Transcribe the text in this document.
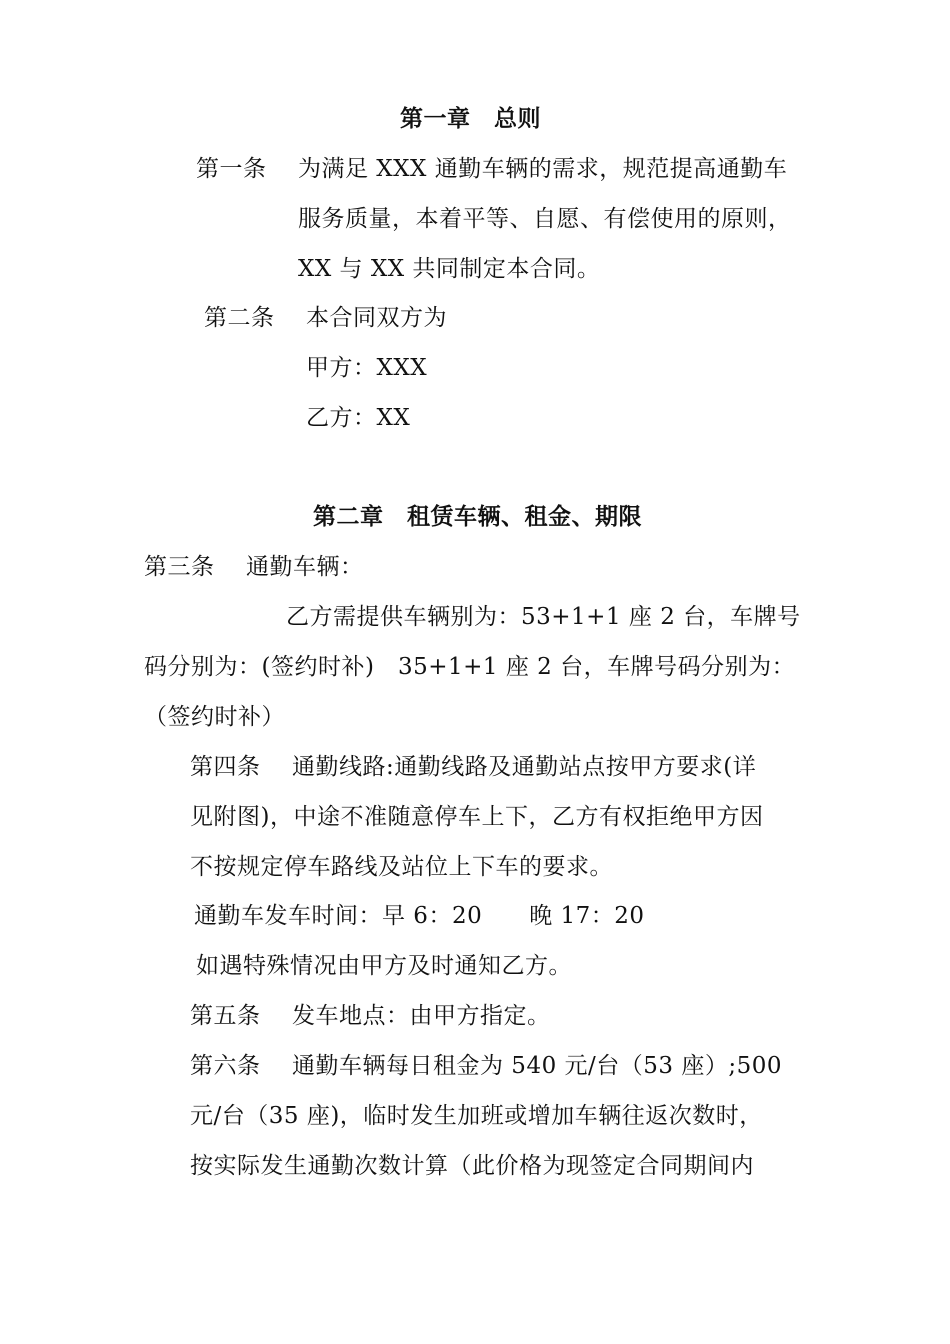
第一章　总则
第一条 为满足 XXX 通勤车辆的需求，规范提高通勤车
服务质量，本着平等、自愿、有偿使用的原则，
XX 与 XX 共同制定本合同。
第二条 本合同双方为
甲方：XXX
乙方：XX
第二章　租赁车辆、租金、期限
第三条 通勤车辆：
乙方需提供车辆别为：53+1+1 座 2 台，车牌号
码分别为：(签约时补)　35+1+1 座 2 台，车牌号码分别为：
（签约时补）
第四条 通勤线路:通勤线路及通勤站点按甲方要求(详
见附图)，中途不准随意停车上下，乙方有权拒绝甲方因
不按规定停车路线及站位上下车的要求。
通勤车发车时间：早 6：20　　晚 17：20
如遇特殊情况由甲方及时通知乙方。
第五条 发车地点：由甲方指定。
第六条 通勤车辆每日租金为 540 元/台（53 座）;500
元/台（35 座)，临时发生加班或增加车辆往返次数时，
按实际发生通勤次数计算（此价格为现签定合同期间内
